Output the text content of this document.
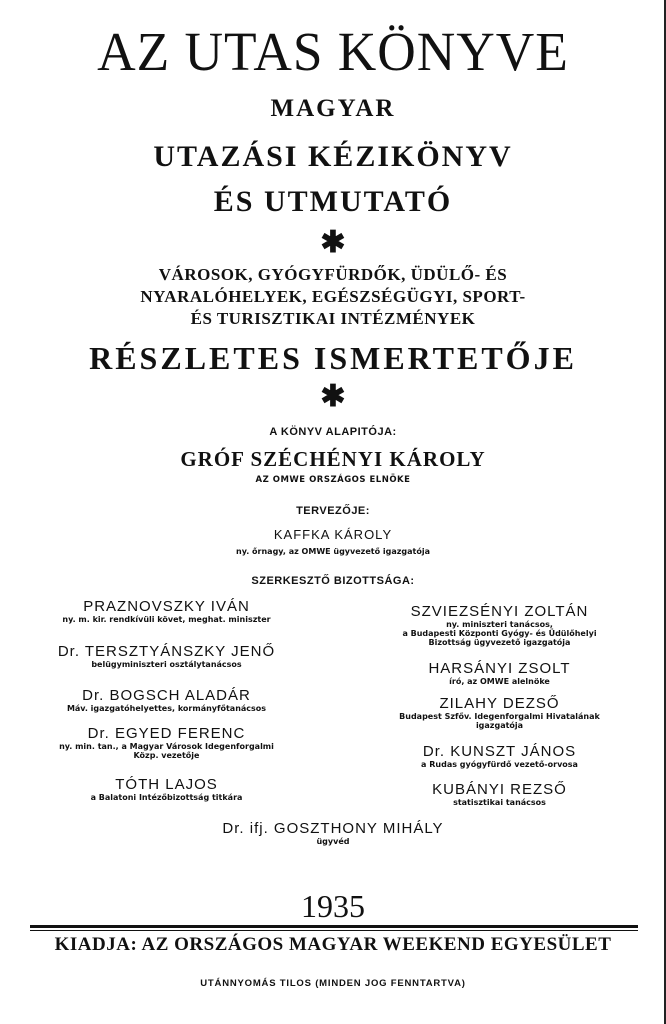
AZ UTAS KÖNYVE
MAGYAR
UTAZÁSI KÉZIKÖNYV
ÉS UTMUTATÓ
✱
VÁROSOK, GYÓGYFÜRDŐK, ÜDÜLŐ- ÉS
NYARALÓHELYEK, EGÉSZSÉGÜGYI, SPORT-
ÉS TURISZTIKAI INTÉZMÉNYEK
RÉSZLETES ISMERTETŐJE
✱
A KÖNYV ALAPITÓJA:
GRÓF SZÉCHÉNYI KÁROLY
AZ OMWE ORSZÁGOS ELNÖKE
TERVEZŐJE:
KAFFKA KÁROLY
ny. őrnagy, az OMWE ügyvezető igazgatója
SZERKESZTŐ BIZOTTSÁGA:
PRAZNOVSZKY IVÁN
ny. m. kir. rendkívüli követ, meghat. miniszter
Dr. TERSZTYÁNSZKY JENŐ
belügyminiszteri osztálytanácsos
Dr. BOGSCH ALADÁR
Máv. igazgatóhelyettes, kormányfőtanácsos
Dr. EGYED FERENC
ny. min. tan., a Magyar Városok Idegenforgalmi
Közp. vezetője
TÓTH LAJOS
a Balatoni Intézőbizottság titkára
SZVIEZSÉNYI ZOLTÁN
ny. miniszteri tanácsos,
a Budapesti Központi Gyógy- és Üdülőhelyi
Bizottság ügyvezető igazgatója
HARSÁNYI ZSOLT
író, az OMWE alelnöke
ZILAHY DEZSŐ
Budapest Szfőv. Idegenforgalmi Hivatalának
igazgatója
Dr. KUNSZT JÁNOS
a Rudas gyógyfürdő vezető-orvosa
KUBÁNYI REZSŐ
statisztikai tanácsos
Dr. ifj. GOSZTHONY MIHÁLY
ügyvéd
1935
KIADJA: AZ ORSZÁGOS MAGYAR WEEKEND EGYESÜLET
UTÁNNYOMÁS TILOS (MINDEN JOG FENNTARTVA)
